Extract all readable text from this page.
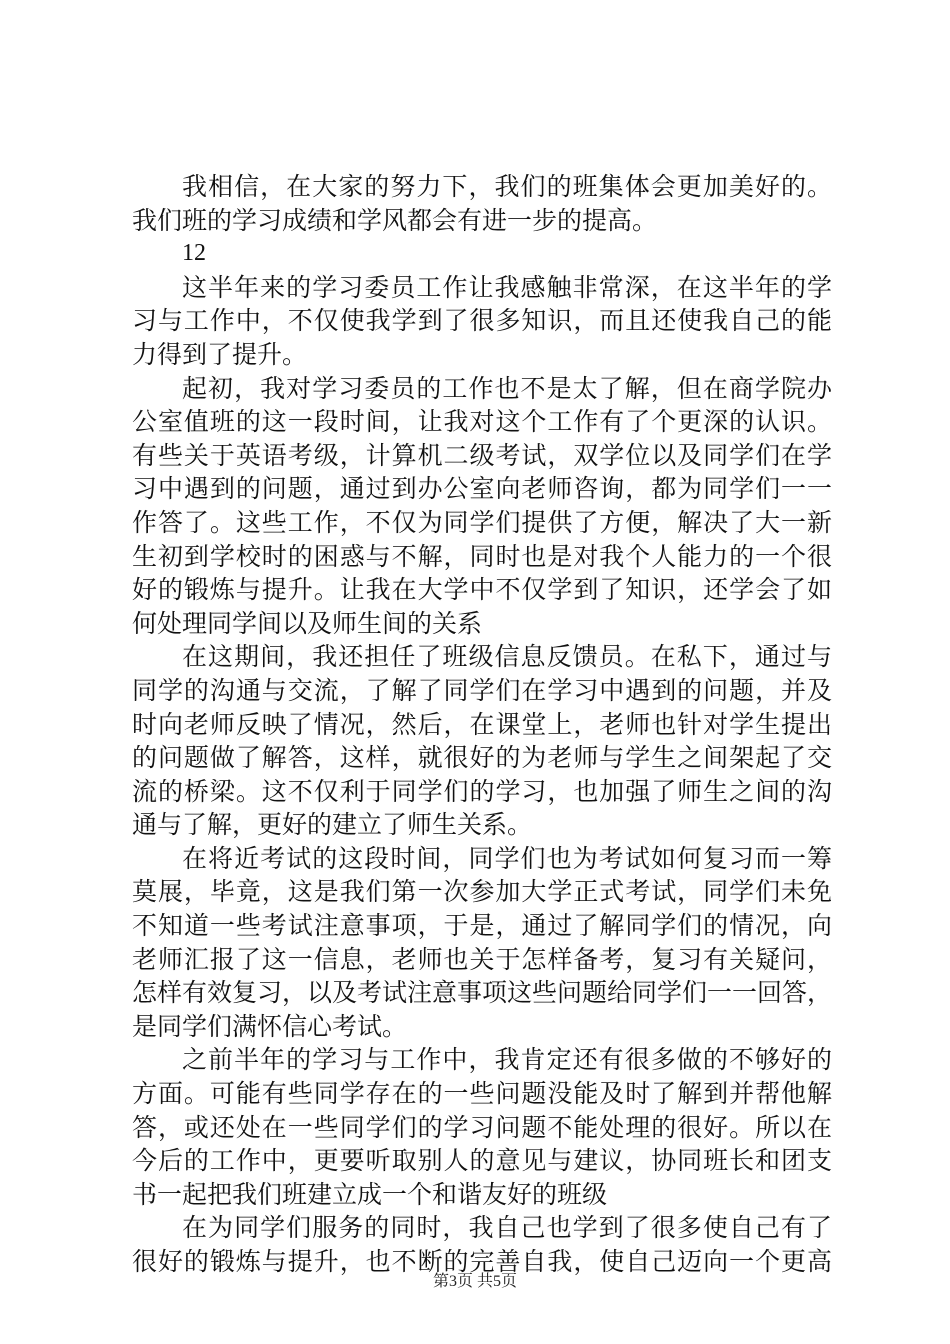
我相信，在大家的努力下，我们的班集体会更加美好的。
我们班的学习成绩和学风都会有进一步的提高。
12
这半年来的学习委员工作让我感触非常深，在这半年的学
习与工作中，不仅使我学到了很多知识，而且还使我自己的能
力得到了提升。
起初，我对学习委员的工作也不是太了解，但在商学院办
公室值班的这一段时间，让我对这个工作有了个更深的认识。
有些关于英语考级，计算机二级考试，双学位以及同学们在学
习中遇到的问题，通过到办公室向老师咨询，都为同学们一一
作答了。这些工作，不仅为同学们提供了方便，解决了大一新
生初到学校时的困惑与不解，同时也是对我个人能力的一个很
好的锻炼与提升。让我在大学中不仅学到了知识，还学会了如
何处理同学间以及师生间的关系
在这期间，我还担任了班级信息反馈员。在私下，通过与
同学的沟通与交流，了解了同学们在学习中遇到的问题，并及
时向老师反映了情况，然后，在课堂上，老师也针对学生提出
的问题做了解答，这样，就很好的为老师与学生之间架起了交
流的桥梁。这不仅利于同学们的学习，也加强了师生之间的沟
通与了解，更好的建立了师生关系。
在将近考试的这段时间，同学们也为考试如何复习而一筹
莫展，毕竟，这是我们第一次参加大学正式考试，同学们未免
不知道一些考试注意事项，于是，通过了解同学们的情况，向
老师汇报了这一信息，老师也关于怎样备考，复习有关疑问，
怎样有效复习，以及考试注意事项这些问题给同学们一一回答，
是同学们满怀信心考试。
之前半年的学习与工作中，我肯定还有很多做的不够好的
方面。可能有些同学存在的一些问题没能及时了解到并帮他解
答，或还处在一些同学们的学习问题不能处理的很好。所以在
今后的工作中，更要听取别人的意见与建议，协同班长和团支
书一起把我们班建立成一个和谐友好的班级
在为同学们服务的同时，我自己也学到了很多使自己有了
很好的锻炼与提升，也不断的完善自我，使自己迈向一个更高
第3页 共5页
